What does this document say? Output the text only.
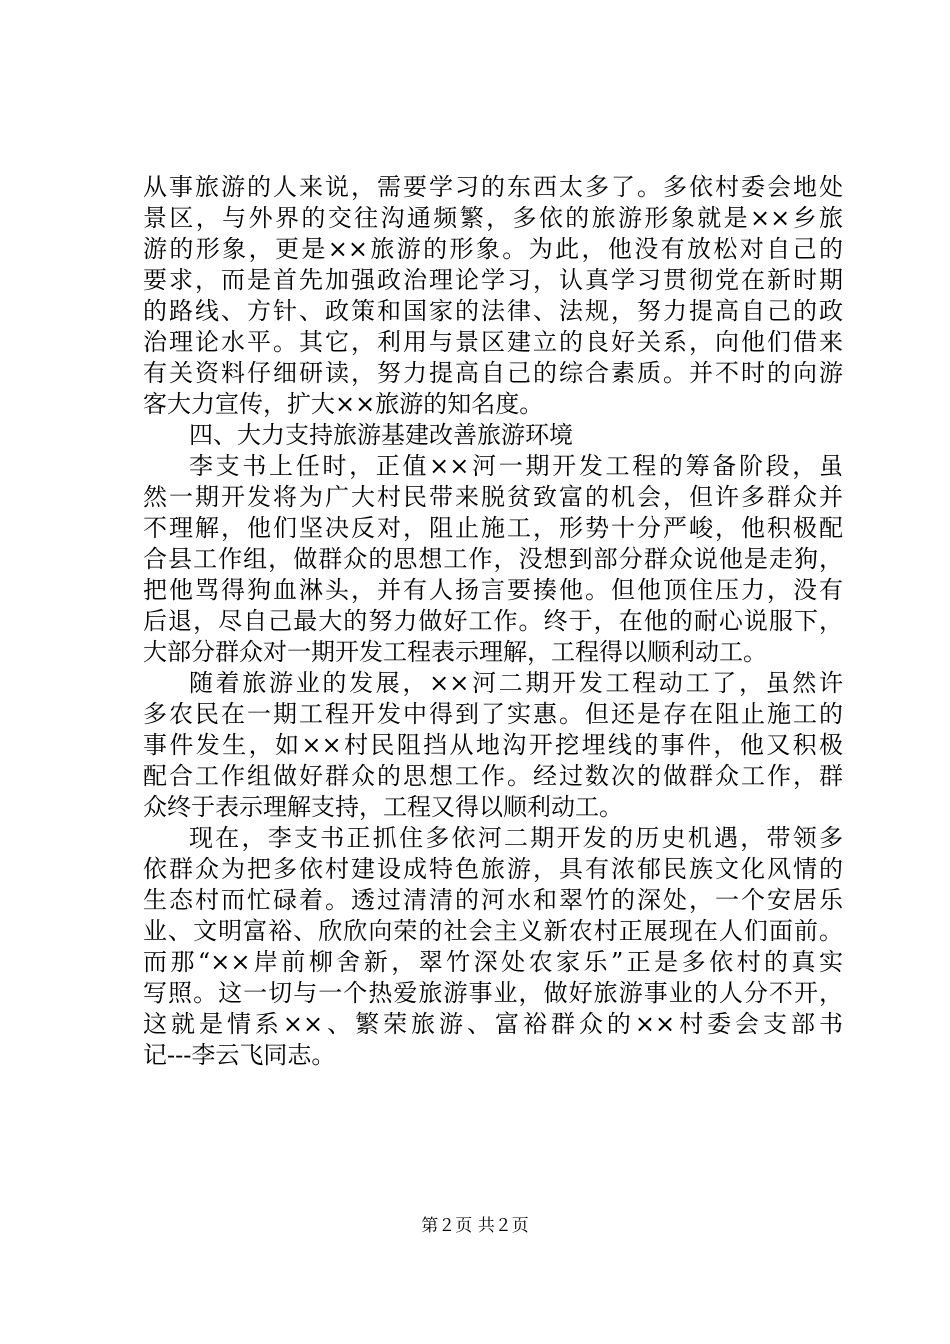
从事旅游的人来说，需要学习的东西太多了。多依村委会地处
景区，与外界的交往沟通频繁，多依的旅游形象就是××乡旅
游的形象，更是××旅游的形象。为此，他没有放松对自己的
要求，而是首先加强政治理论学习，认真学习贯彻党在新时期
的路线、方针、政策和国家的法律、法规，努力提高自己的政
治理论水平。其它，利用与景区建立的良好关系，向他们借来
有关资料仔细研读，努力提高自己的综合素质。并不时的向游
客大力宣传，扩大××旅游的知名度。
四、大力支持旅游基建改善旅游环境
李支书上任时，正值××河一期开发工程的筹备阶段，虽
然一期开发将为广大村民带来脱贫致富的机会，但许多群众并
不理解，他们坚决反对，阻止施工，形势十分严峻，他积极配
合县工作组，做群众的思想工作，没想到部分群众说他是走狗，
把他骂得狗血淋头，并有人扬言要揍他。但他顶住压力，没有
后退，尽自己最大的努力做好工作。终于，在他的耐心说服下，
大部分群众对一期开发工程表示理解，工程得以顺利动工。
随着旅游业的发展，××河二期开发工程动工了，虽然许
多农民在一期工程开发中得到了实惠。但还是存在阻止施工的
事件发生，如××村民阻挡从地沟开挖埋线的事件，他又积极
配合工作组做好群众的思想工作。经过数次的做群众工作，群
众终于表示理解支持，工程又得以顺利动工。
现在，李支书正抓住多依河二期开发的历史机遇，带领多
依群众为把多依村建设成特色旅游，具有浓郁民族文化风情的
生态村而忙碌着。透过清清的河水和翠竹的深处，一个安居乐
业、文明富裕、欣欣向荣的社会主义新农村正展现在人们面前。
而那“××岸前柳舍新，翠竹深处农家乐”正是多依村的真实
写照。这一切与一个热爱旅游事业，做好旅游事业的人分不开，
这就是情系××、繁荣旅游、富裕群众的××村委会支部书
记---李云飞同志。
第２页 共２页
